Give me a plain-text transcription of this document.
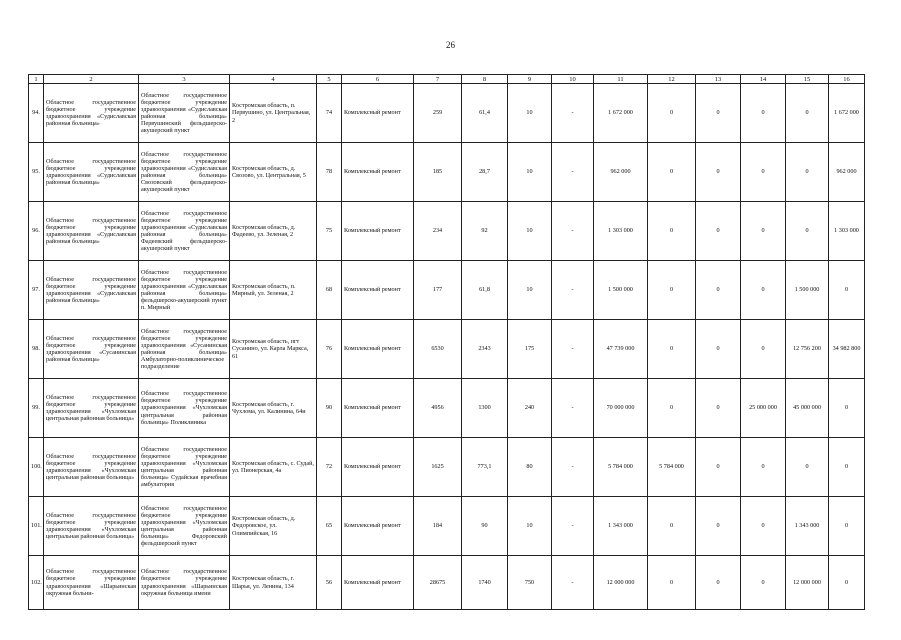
26
1	2	3	4	5	6	7	8	9	10	11	12	13	14	15	16
94.	Областное государственное бюджетное учреждение здравоохранения «Судиславская районная больница»	Областное государственное бюджетное учреждение здравоохранения «Судиславская районная больница» Первушинский фельдшерско-акушерский пункт	Костромская область, п. Первушино, ул. Центральная, 2	74	Комплексный ремонт	259	61,4	10	-	1 672 000	0	0	0	0	1 672 000
95.	Областное государственное бюджетное учреждение здравоохранения «Судиславская районная больница»	Областное государственное бюджетное учреждение здравоохранения «Судиславская районная больница» Свозовский фельдшерско-акушерский пункт	Костромская область, д. Свозово, ул. Центральная, 5	78	Комплексный ремонт	185	28,7	10	-	962 000	0	0	0	0	962 000
96.	Областное государственное бюджетное учреждение здравоохранения «Судиславская районная больница»	Областное государственное бюджетное учреждение здравоохранения «Судиславская районная больница» Фадеевский фельдшерско-акушерский пункт	Костромская область, д. Фадеево, ул. Зеленая, 2	75	Комплексный ремонт	234	92	10	-	1 303 000	0	0	0	0	1 303 000
97.	Областное государственное бюджетное учреждение здравоохранения «Судиславская районная больница»	Областное государственное бюджетное учреждение здравоохранения «Судиславская районная больница» фельдшерско-акушерский пункт п. Мирный	Костромская область, п. Мирный, ул. Зеленая, 2	68	Комплексный ремонт	177	61,8	10	-	1 500 000	0	0	0	1 500 000	0
98.	Областное государственное бюджетное учреждение здравоохранения «Сусанинская районная больница»	Областное государственное бюджетное учреждение здравоохранения «Сусанинская районная больница» Амбулаторно-поликлиническое подразделение	Костромская область, пгт Сусанино, ул. Карла Маркса, 61	76	Комплексный ремонт	6530	2343	175	-	47 739 000	0	0	0	12 756 200	34 982 800
99.	Областное государственное бюджетное учреждение здравоохранения «Чухломская центральная районная больница»	Областное государственное бюджетное учреждение здравоохранения «Чухломская центральная районная больница» Поликлиника	Костромская область, г. Чухлома, ул. Калинина, 64и	90	Комплексный ремонт	4956	1300	240	-	70 000 000	0	0	25 000 000	45 000 000	0
100.	Областное государственное бюджетное учреждение здравоохранения «Чухломская центральная районная больница»	Областное государственное бюджетное учреждение здравоохранения «Чухломская центральная районная больница» Судайская врачебная амбулатория	Костромская область, с. Судай, ул. Пионерская, 4а	72	Комплексный ремонт	1625	773,1	80	-	5 784 000	5 784 000	0	0	0	0
101.	Областное государственное бюджетное учреждение здравоохранения «Чухломская центральная районная больница»	Областное государственное бюджетное учреждение здравоохранения «Чухломская центральная районная больница» Федоровский фельдшерский пункт	Костромская область, д. Федоровское, ул. Олимпийская, 16	65	Комплексный ремонт	184	90	10	-	1 343 000	0	0	0	1 343 000	0
102.	Областное государственное бюджетное учреждение здравоохранения «Шарьинская окружная больни-	Областное государственное бюджетное учреждение здравоохранения «Шарьинская окружная больница имени	Костромская область, г. Шарья, ул. Ленина, 134	56	Комплексный ремонт	28675	1740	750	-	12 000 000	0	0	0	12 000 000	0
